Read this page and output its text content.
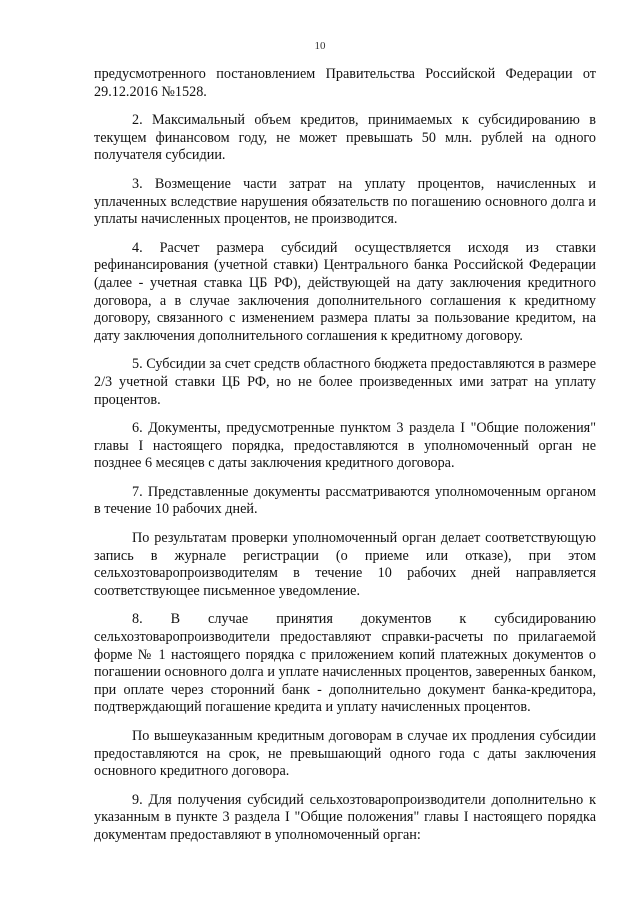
10

предусмотренного постановлением Правительства Российской Федерации от 29.12.2016 №1528.

2. Максимальный объем кредитов, принимаемых к субсидированию в текущем финансовом году, не может превышать 50 млн. рублей на одного получателя субсидии.

3. Возмещение части затрат на уплату процентов, начисленных и уплаченных вследствие нарушения обязательств по погашению основного долга и уплаты начисленных процентов, не производится.

4. Расчет размера субсидий осуществляется исходя из ставки рефинансирования (учетной ставки) Центрального банка Российской Федерации (далее - учетная ставка ЦБ РФ), действующей на дату заключения кредитного договора, а в случае заключения дополнительного соглашения к кредитному договору, связанного с изменением размера платы за пользование кредитом, на дату заключения дополнительного соглашения к кредитному договору.

5. Субсидии за счет средств областного бюджета предоставляются в размере 2/3 учетной ставки ЦБ РФ, но не более произведенных ими затрат на уплату процентов.

6. Документы, предусмотренные пунктом 3 раздела I "Общие положения" главы I настоящего порядка, предоставляются в уполномоченный орган не позднее 6 месяцев с даты заключения кредитного договора.

7. Представленные документы рассматриваются уполномоченным органом в течение 10 рабочих дней.

По результатам проверки уполномоченный орган делает соответствующую запись в журнале регистрации (о приеме или отказе), при этом сельхозтоваропроизводителям в течение 10 рабочих дней направляется соответствующее письменное уведомление.

8. В случае принятия документов к субсидированию сельхозтоваропроизводители предоставляют справки-расчеты по прилагаемой форме № 1 настоящего порядка с приложением копий платежных документов о погашении основного долга и уплате начисленных процентов, заверенных банком, при оплате через сторонний банк - дополнительно документ банка-кредитора, подтверждающий погашение кредита и уплату начисленных процентов.

По вышеуказанным кредитным договорам в случае их продления субсидии предоставляются на срок, не превышающий одного года с даты заключения основного кредитного договора.

9. Для получения субсидий сельхозтоваропроизводители дополнительно к указанным в пункте 3 раздела I "Общие положения" главы I настоящего порядка документам предоставляют в уполномоченный орган:
